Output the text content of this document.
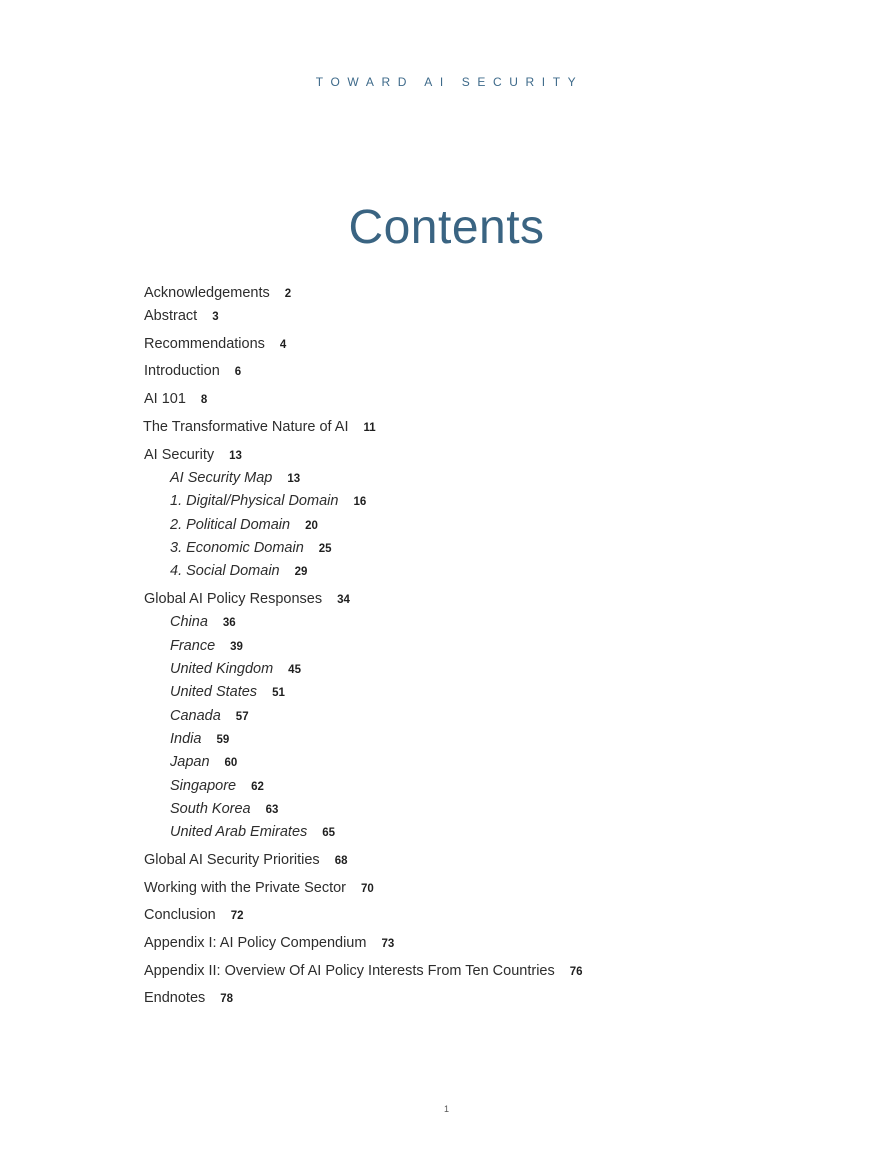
TOWARD AI SECURITY
Contents
Acknowledgements 2
Abstract 3
Recommendations 4
Introduction 6
AI 101 8
The Transformative Nature of AI 11
AI Security 13
AI Security Map 13
1. Digital/Physical Domain 16
2. Political Domain 20
3. Economic Domain 25
4. Social Domain 29
Global AI Policy Responses 34
China 36
France 39
United Kingdom 45
United States 51
Canada 57
India 59
Japan 60
Singapore 62
South Korea 63
United Arab Emirates 65
Global AI Security Priorities 68
Working with the Private Sector 70
Conclusion 72
Appendix I: AI Policy Compendium 73
Appendix II: Overview Of AI Policy Interests From Ten Countries 76
Endnotes 78
1
